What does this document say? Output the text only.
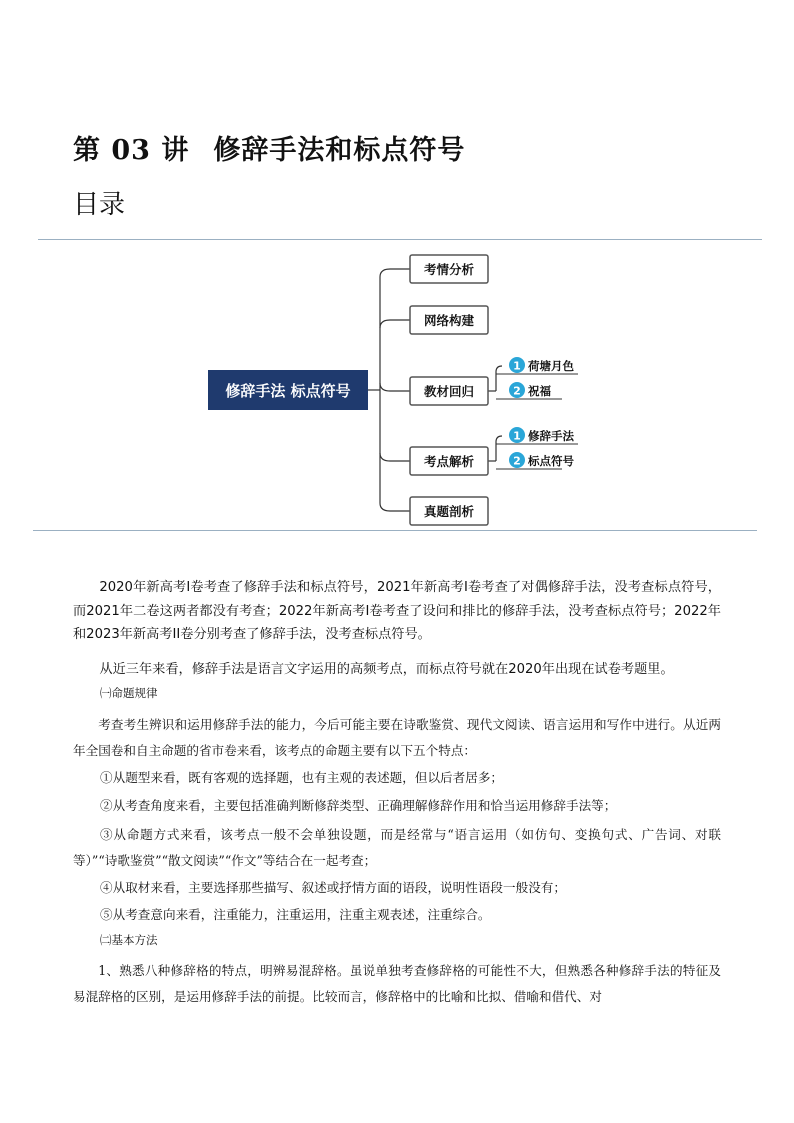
第 03 讲 修辞手法和标点符号
目录
修辞手法 标点符号
考情分析
网络构建
教材回归
1 荷塘月色
2 祝福
考点解析
1 修辞手法
2 标点符号
真题剖析

2020年新高考Ⅰ卷考查了修辞手法和标点符号，2021年新高考Ⅰ卷考查了对偶修辞手法，没考查标点符号，而2021年二卷这两者都没有考查；2022年新高考Ⅰ卷考查了设问和排比的修辞手法，没考查标点符号；2022年和2023年新高考II卷分别考查了修辞手法，没考查标点符号。

从近三年来看，修辞手法是语言文字运用的高频考点，而标点符号就在2020年出现在试卷考题里。

㈠命题规律

考查考生辨识和运用修辞手法的能力，今后可能主要在诗歌鉴赏、现代文阅读、语言运用和写作中进行。从近两年全国卷和自主命题的省市卷来看，该考点的命题主要有以下五个特点：

①从题型来看，既有客观的选择题，也有主观的表述题，但以后者居多；
②从考查角度来看，主要包括准确判断修辞类型、正确理解修辞作用和恰当运用修辞手法等；

③从命题方式来看，该考点一般不会单独设题，而是经常与“语言运用（如仿句、变换句式、广告词、对联等）”“诗歌鉴赏”“散文阅读”“作文”等结合在一起考查；

④从取材来看，主要选择那些描写、叙述或抒情方面的语段，说明性语段一般没有；
⑤从考查意向来看，注重能力，注重运用，注重主观表述，注重综合。
㈡基本方法

1、熟悉八种修辞格的特点，明辨易混辞格。虽说单独考查修辞格的可能性不大，但熟悉各种修辞手法的特征及易混辞格的区别，是运用修辞手法的前提。比较而言，修辞格中的比喻和比拟、借喻和借代、对
